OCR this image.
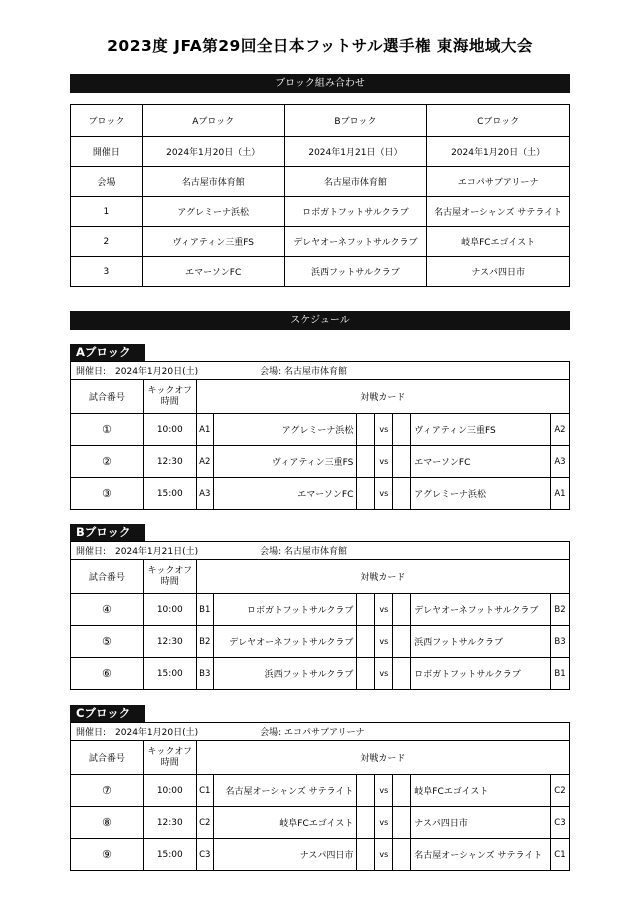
2023度 JFA第29回全日本フットサル選手権 東海地域大会
ブロック組み合わせ
ブロック	Aブロック	Bブロック	Cブロック
開催日	2024年1月20日（土）	2024年1月21日（日）	2024年1月20日（土）
会場	名古屋市体育館	名古屋市体育館	エコパサブアリーナ
1	アグレミーナ浜松	ロボガトフットサルクラブ	名古屋オーシャンズ サテライト
2	ヴィアティン三重FS	デレヤオーネフットサルクラブ	岐阜FCエゴイスト
3	エマーソンFC	浜西フットサルクラブ	ナスパ四日市
スケジュール
Aブロック
開催日:　2024年1月20日(土) 会場: 名古屋市体育館								
試合番号	キックオフ時間	対戦カード						
①	10:00	A1	アグレミーナ浜松		vs		ヴィアティン三重FS	A2
②	12:30	A2	ヴィアティン三重FS		vs		エマーソンFC	A3
③	15:00	A3	エマーソンFC		vs		アグレミーナ浜松	A1
Bブロック
開催日:　2024年1月21日(土) 会場: 名古屋市体育館								
試合番号	キックオフ時間	対戦カード						
④	10:00	B1	ロボガトフットサルクラブ		vs		デレヤオーネフットサルクラブ	B2
⑤	12:30	B2	デレヤオーネフットサルクラブ		vs		浜西フットサルクラブ	B3
⑥	15:00	B3	浜西フットサルクラブ		vs		ロボガトフットサルクラブ	B1
Cブロック
開催日:　2024年1月20日(土) 会場: エコパサブアリーナ								
試合番号	キックオフ時間	対戦カード						
⑦	10:00	C1	名古屋オーシャンズ サテライト		vs		岐阜FCエゴイスト	C2
⑧	12:30	C2	岐阜FCエゴイスト		vs		ナスパ四日市	C3
⑨	15:00	C3	ナスパ四日市		vs		名古屋オーシャンズ サテライト	C1
